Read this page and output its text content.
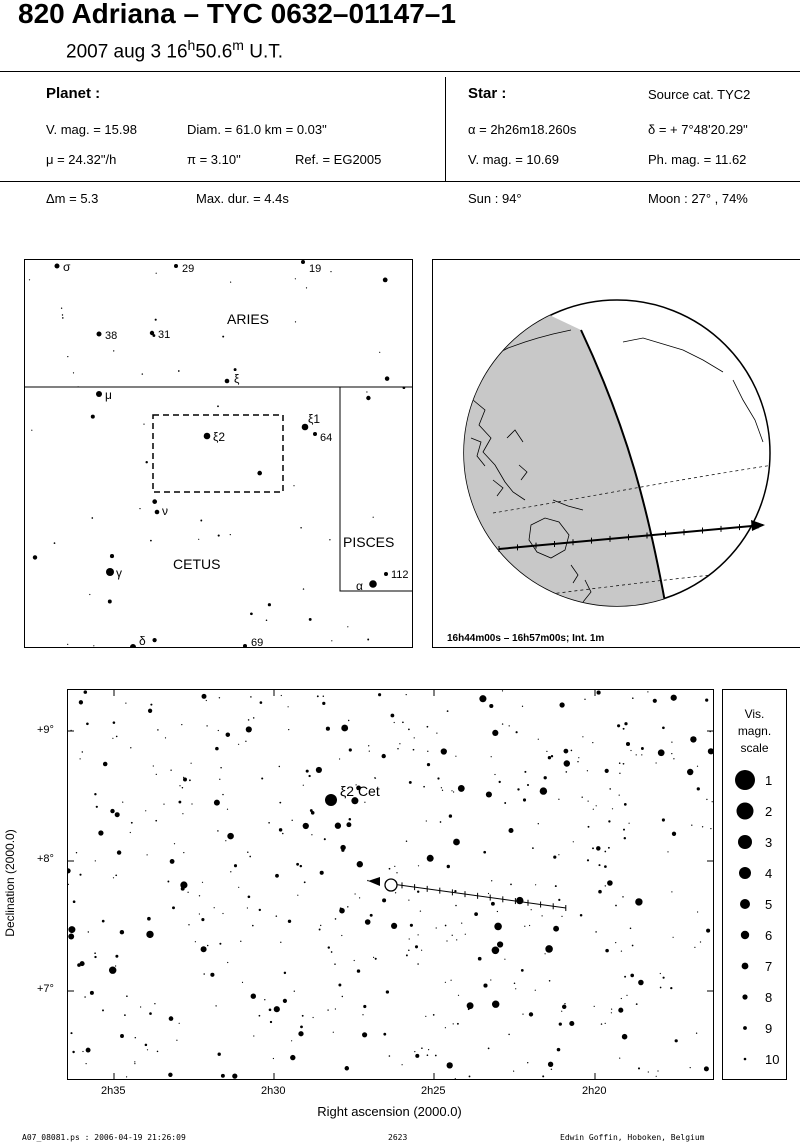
820 Adriana – TYC 0632–01147–1
2007 aug 3 16$^h$50.6$^m$ U.T.
Planet :
V. mag. = 15.98	Diam. = 61.0 km = 0.03"
μ = 24.32"/h	π = 3.10"	Ref. = EG2005
Star :	Source cat. TYC2
α = 2h26m18.260s	δ = + 7°48'20.29"
V. mag. = 10.69	Ph. mag. = 11.62
Δm = 5.3	Max. dur. = 4.4s	Sun : 94°	Moon : 27° , 74%
ARIES
CETUS
PISCES
σ	29	19
38	31
ξ
μ
ξ1
64
ξ2
ν
γ
α
112
δ	69	16h44m00s – 16h57m00s; Int. 1m
Declination (2000.0)
+9°
+8°
+7°
ξ2 Cet
2h35	2h30	2h25	2h20
Right ascension (2000.0)
Vis.
magn.
scale
1
2
3
4
5
6
7
8
9
10
A07_08081.ps : 2006-04-19 21:26:09	2623	Edwin Goffin, Hoboken, Belgium
